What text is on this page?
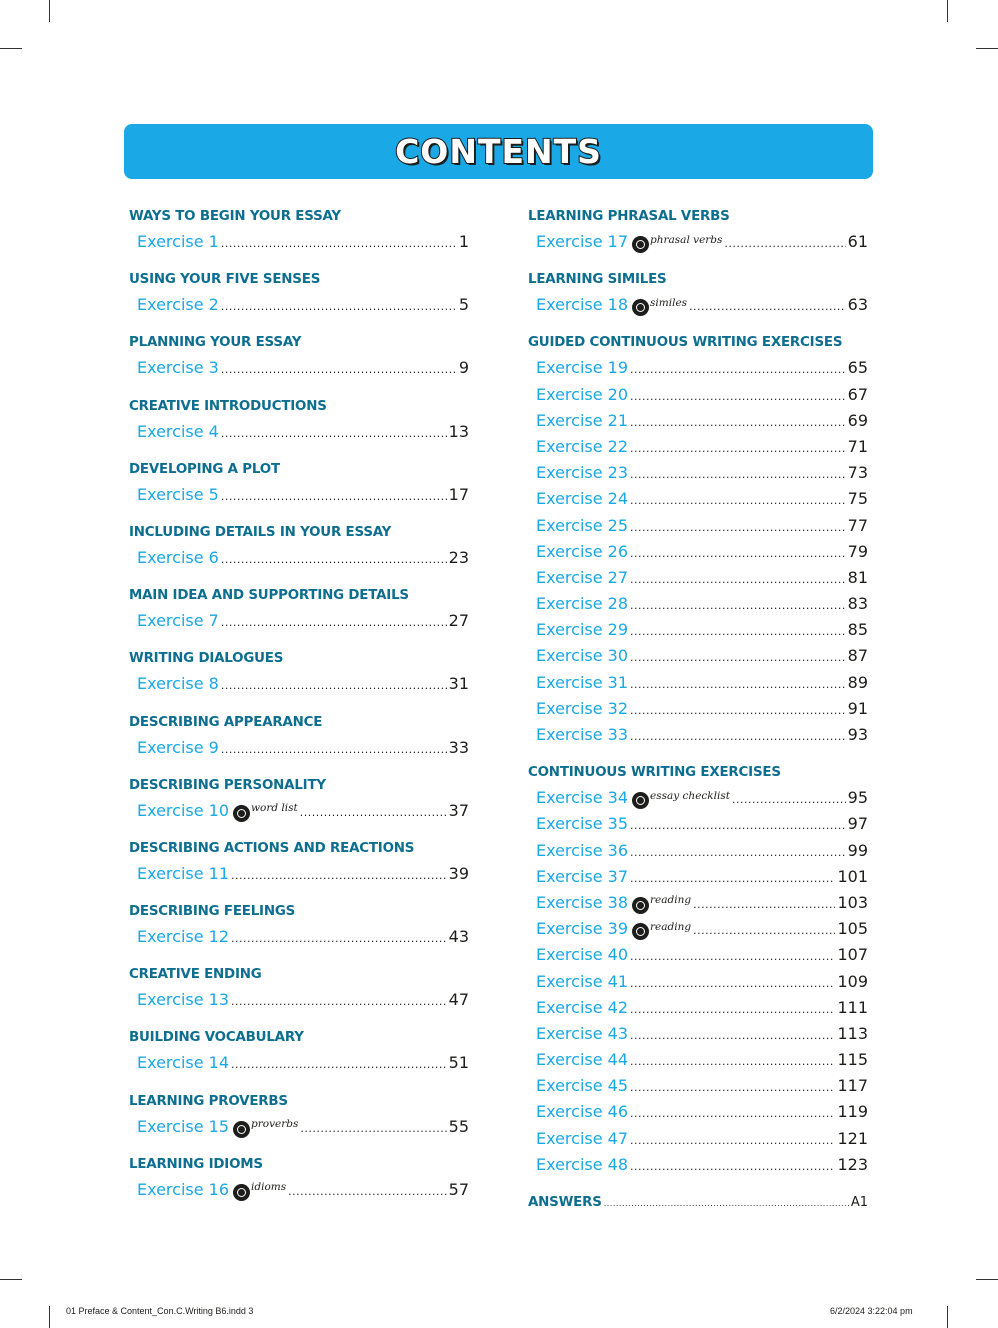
CONTENTS
WAYS TO BEGIN YOUR ESSAY
Exercise 1 .....	1
USING YOUR FIVE SENSES
Exercise 2 .....	5
PLANNING YOUR ESSAY
Exercise 3 .....	9
CREATIVE INTRODUCTIONS
Exercise 4 .....	13
DEVELOPING A PLOT
Exercise 5 .....	17
INCLUDING DETAILS IN YOUR ESSAY
Exercise 6 .....	23
MAIN IDEA AND SUPPORTING DETAILS
Exercise 7 .....	27
WRITING DIALOGUES
Exercise 8 .....	31
DESCRIBING APPEARANCE
Exercise 9 .....	33
DESCRIBING PERSONALITY
Exercise 10 word list .....	37
DESCRIBING ACTIONS AND REACTIONS
Exercise 11 .....	39
DESCRIBING FEELINGS
Exercise 12 .....	43
CREATIVE ENDING
Exercise 13 .....	47
BUILDING VOCABULARY
Exercise 14 .....	51
LEARNING PROVERBS
Exercise 15 proverbs .....	55
LEARNING IDIOMS
Exercise 16 idioms .....	57
LEARNING PHRASAL VERBS
Exercise 17 phrasal verbs .....	61
LEARNING SIMILES
Exercise 18 similes .....	63
GUIDED CONTINUOUS WRITING EXERCISES
Exercise 19 .....	65
Exercise 20 .....	67
Exercise 21 .....	69
Exercise 22 .....	71
Exercise 23 .....	73
Exercise 24 .....	75
Exercise 25 .....	77
Exercise 26 .....	79
Exercise 27 .....	81
Exercise 28 .....	83
Exercise 29 .....	85
Exercise 30 .....	87
Exercise 31 .....	89
Exercise 32 .....	91
Exercise 33 .....	93
CONTINUOUS WRITING EXERCISES
Exercise 34 essay checklist .....	95
Exercise 35 .....	97
Exercise 36 .....	99
Exercise 37 .....	101
Exercise 38 reading .....	103
Exercise 39 reading .....	105
Exercise 40 .....	107
Exercise 41 .....	109
Exercise 42 .....	111
Exercise 43 .....	113
Exercise 44 .....	115
Exercise 45 .....	117
Exercise 46 .....	119
Exercise 47 .....	121
Exercise 48 .....	123
ANSWERS .....	A1
01 Preface & Content_Con.C.Writing B6.indd 3	6/2/2024 3:22:04 pm
